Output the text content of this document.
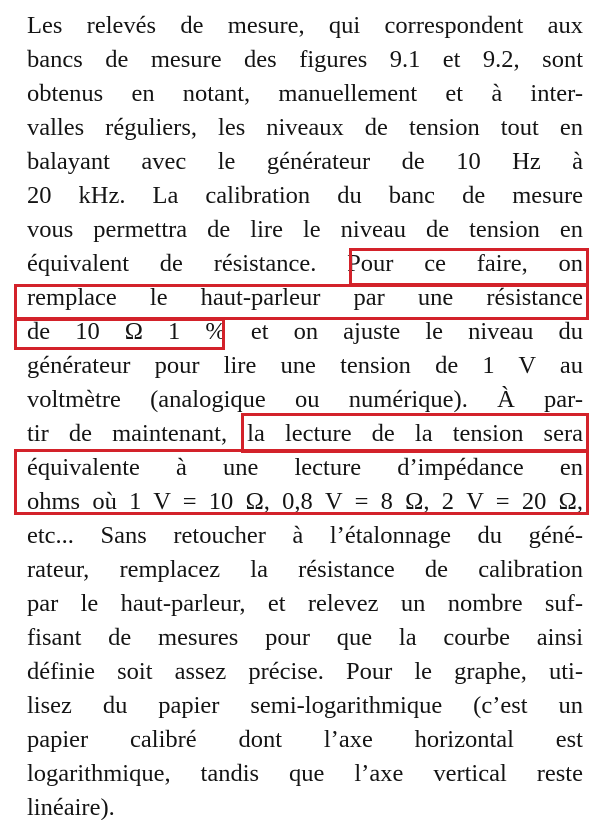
Les relevés de mesure, qui correspondent aux
bancs de mesure des figures 9.1 et 9.2, sont
obtenus en notant, manuellement et à inter-
valles réguliers, les niveaux de tension tout en
balayant avec le générateur de 10 Hz à
20 kHz. La calibration du banc de mesure
vous permettra de lire le niveau de tension en
équivalent de résistance. Pour ce faire, on
remplace le haut-parleur par une résistance
de 10 Ω 1 % et on ajuste le niveau du
générateur pour lire une tension de 1 V au
voltmètre (analogique ou numérique). À par-
tir de maintenant, la lecture de la tension sera
équivalente à une lecture d’impédance en
ohms où 1 V = 10 Ω, 0,8 V = 8 Ω, 2 V = 20 Ω,
etc... Sans retoucher à l’étalonnage du géné-
rateur, remplacez la résistance de calibration
par le haut-parleur, et relevez un nombre suf-
fisant de mesures pour que la courbe ainsi
définie soit assez précise. Pour le graphe, uti-
lisez du papier semi-logarithmique (c’est un
papier calibré dont l’axe horizontal est
logarithmique, tandis que l’axe vertical reste
linéaire).
